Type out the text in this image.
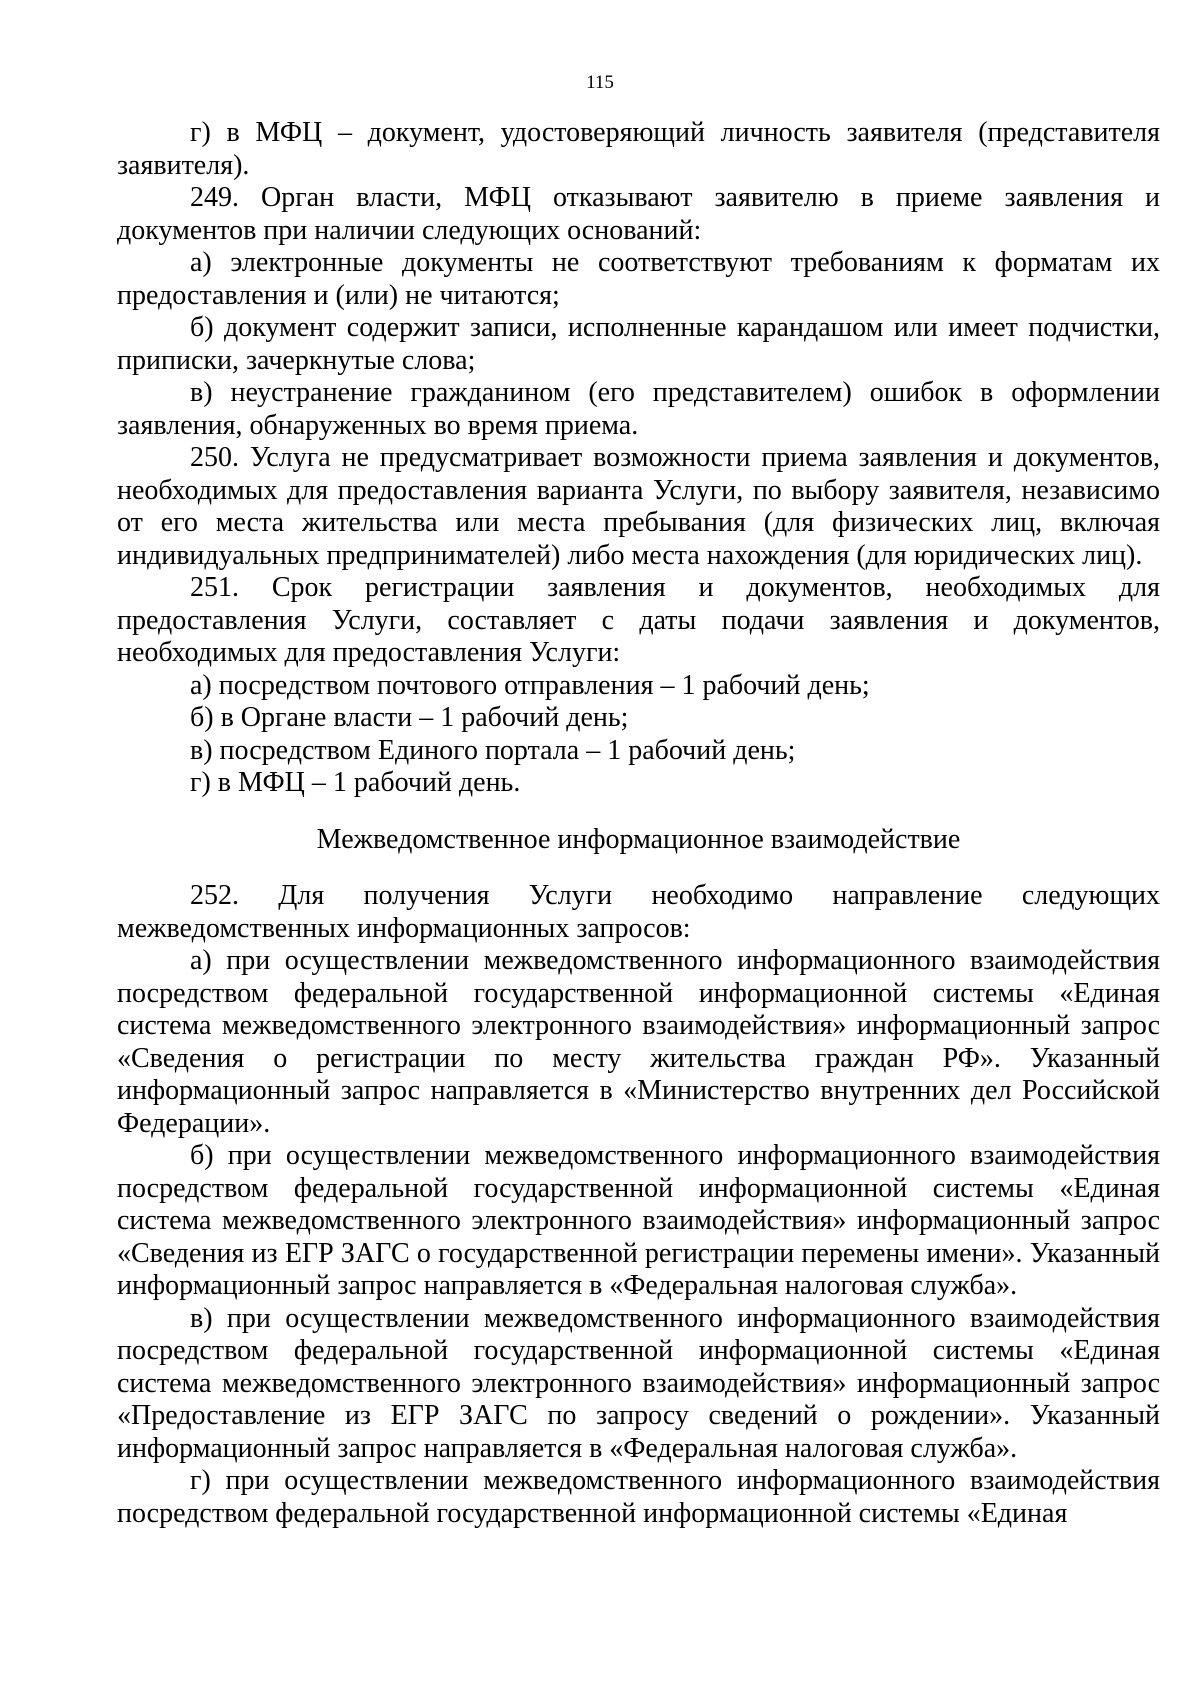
115

г) в МФЦ – документ, удостоверяющий личность заявителя (представителя заявителя).

249. Орган власти, МФЦ отказывают заявителю в приеме заявления и документов при наличии следующих оснований:

а) электронные документы не соответствуют требованиям к форматам их предоставления и (или) не читаются;

б) документ содержит записи, исполненные карандашом или имеет подчистки, приписки, зачеркнутые слова;

в) неустранение гражданином (его представителем) ошибок в оформлении заявления, обнаруженных во время приема.

250. Услуга не предусматривает возможности приема заявления и документов, необходимых для предоставления варианта Услуги, по выбору заявителя, независимо от его места жительства или места пребывания (для физических лиц, включая индивидуальных предпринимателей) либо места нахождения (для юридических лиц).

251. Срок регистрации заявления и документов, необходимых для предоставления Услуги, составляет с даты подачи заявления и документов, необходимых для предоставления Услуги:

а) посредством почтового отправления – 1 рабочий день;

б) в Органе власти – 1 рабочий день;

в) посредством Единого портала – 1 рабочий день;

г) в МФЦ – 1 рабочий день.

Межведомственное информационное взаимодействие

252. Для получения Услуги необходимо направление следующих межведомственных информационных запросов:

а) при осуществлении межведомственного информационного взаимодействия посредством федеральной государственной информационной системы «Единая система межведомственного электронного взаимодействия» информационный запрос «Сведения о регистрации по месту жительства граждан РФ». Указанный информационный запрос направляется в «Министерство внутренних дел Российской Федерации».

б) при осуществлении межведомственного информационного взаимодействия посредством федеральной государственной информационной системы «Единая система межведомственного электронного взаимодействия» информационный запрос «Сведения из ЕГР ЗАГС о государственной регистрации перемены имени». Указанный информационный запрос направляется в «Федеральная налоговая служба».

в) при осуществлении межведомственного информационного взаимодействия посредством федеральной государственной информационной системы «Единая система межведомственного электронного взаимодействия» информационный запрос «Предоставление из ЕГР ЗАГС по запросу сведений о рождении». Указанный информационный запрос направляется в «Федеральная налоговая служба».

г) при осуществлении межведомственного информационного взаимодействия посредством федеральной государственной информационной системы «Единая
